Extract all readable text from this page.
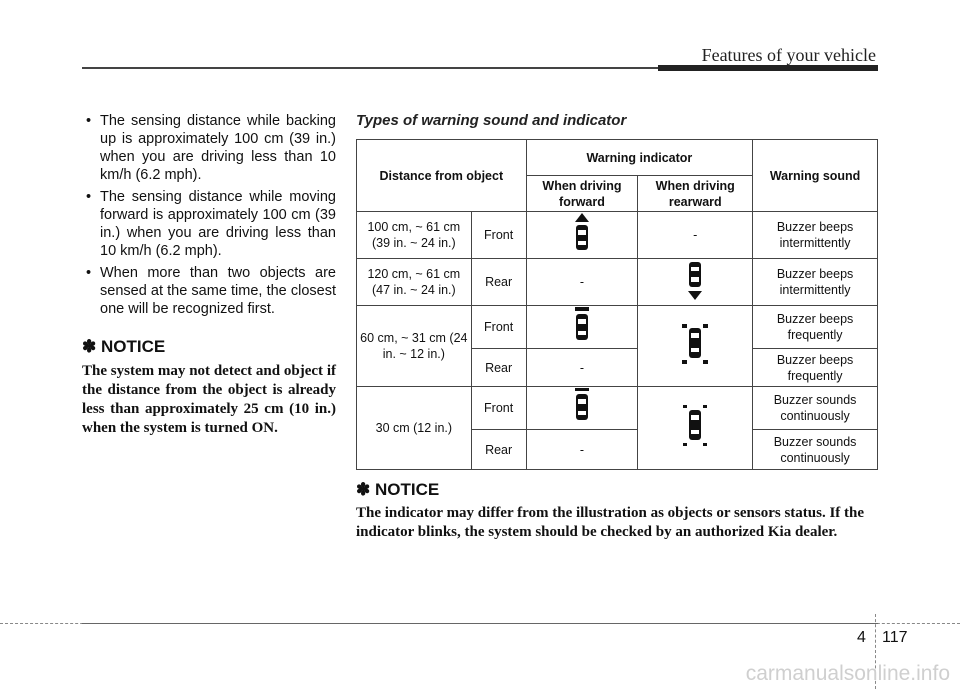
Features of your vehicle
• The sensing distance while backing up is approximately 100 cm (39 in.) when you are driving less than 10 km/h (6.2 mph).
• The sensing distance while moving forward is approximately 100 cm (39 in.) when you are driving less than 10 km/h (6.2 mph).
• When more than two objects are sensed at the same time, the closest one will be recognized first.
✽ NOTICE
The system may not detect and object if the distance from the object is already less than approximately 25 cm (10 in.) when the system is turned ON.
Types of warning sound and indicator
Distance from object		Warning indicator		Warning sound
		When driving forward	When driving rearward	
100 cm, ~ 61 cm (39 in. ~ 24 in.)	Front		-	Buzzer beeps intermittently
120 cm, ~ 61 cm (47 in. ~ 24 in.)	Rear	-		Buzzer beeps intermittently
60 cm, ~ 31 cm (24 in. ~ 12 in.)	Front			Buzzer beeps frequently
	Rear	-		Buzzer beeps frequently
30 cm (12 in.)	Front			Buzzer sounds continuously
	Rear	-		Buzzer sounds continuously
✽ NOTICE
The indicator may differ from the illustration as objects or sensors status. If the indicator blinks, the system should be checked by an authorized Kia dealer.
4 117
carmanualsonline.info
